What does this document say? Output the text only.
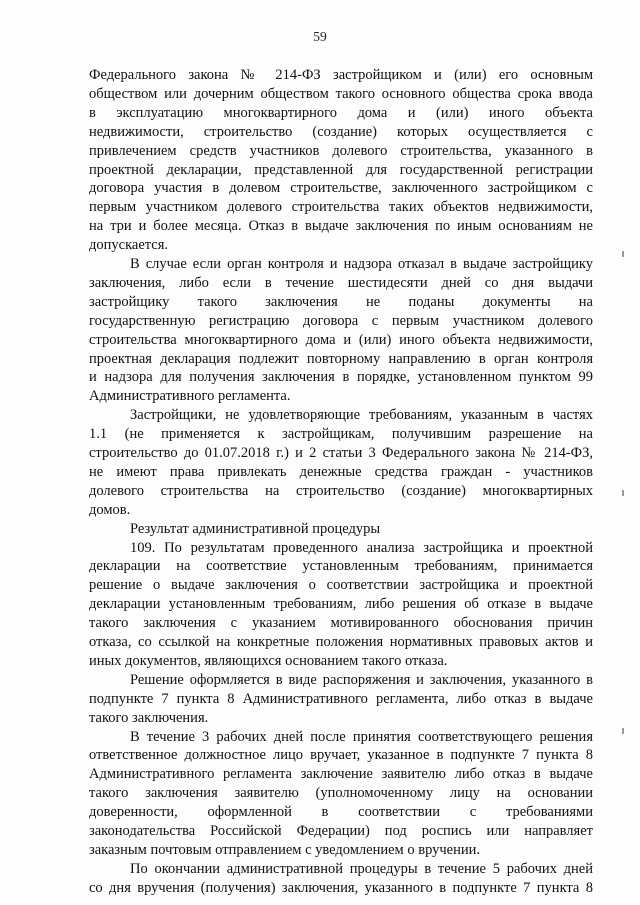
59
Федерального закона № 214-ФЗ застройщиком и (или) его основным
обществом или дочерним обществом такого основного общества срока ввода
в эксплуатацию многоквартирного дома и (или) иного объекта
недвижимости, строительство (создание) которых осуществляется с
привлечением средств участников долевого строительства, указанного в
проектной декларации, представленной для государственной регистрации
договора участия в долевом строительстве, заключенного застройщиком с
первым участником долевого строительства таких объектов недвижимости,
на три и более месяца. Отказ в выдаче заключения по иным основаниям не
допускается.
В случае если орган контроля и надзора отказал в выдаче застройщику
заключения, либо если в течение шестидесяти дней со дня выдачи
застройщику такого заключения не поданы документы на
государственную регистрацию договора с первым участником долевого
строительства многоквартирного дома и (или) иного объекта недвижимости,
проектная декларация подлежит повторному направлению в орган контроля
и надзора для получения заключения в порядке, установленном пунктом 99
Административного регламента.
Застройщики, не удовлетворяющие требованиям, указанным в частях
1.1 (не применяется к застройщикам, получившим разрешение на
строительство до 01.07.2018 г.) и 2 статьи 3 Федерального закона № 214-ФЗ,
не имеют права привлекать денежные средства граждан - участников
долевого строительства на строительство (создание) многоквартирных
домов.
Результат административной процедуры
109. По результатам проведенного анализа застройщика и проектной
декларации на соответствие установленным требованиям, принимается
решение о выдаче заключения о соответствии застройщика и проектной
декларации установленным требованиям, либо решения об отказе в выдаче
такого заключения с указанием мотивированного обоснования причин
отказа, со ссылкой на конкретные положения нормативных правовых актов и
иных документов, являющихся основанием такого отказа.
Решение оформляется в виде распоряжения и заключения, указанного в
подпункте 7 пункта 8 Административного регламента, либо отказ в выдаче
такого заключения.
В течение 3 рабочих дней после принятия соответствующего решения
ответственное должностное лицо вручает, указанное в подпункте 7 пункта 8
Административного регламента заключение заявителю либо отказ в выдаче
такого заключения заявителю (уполномоченному лицу на основании
доверенности, оформленной в соответствии с требованиями
законодательства Российской Федерации) под роспись или направляет
заказным почтовым отправлением с уведомлением о вручении.
По окончании административной процедуры в течение 5 рабочих дней
со дня вручения (получения) заключения, указанного в подпункте 7 пункта 8
